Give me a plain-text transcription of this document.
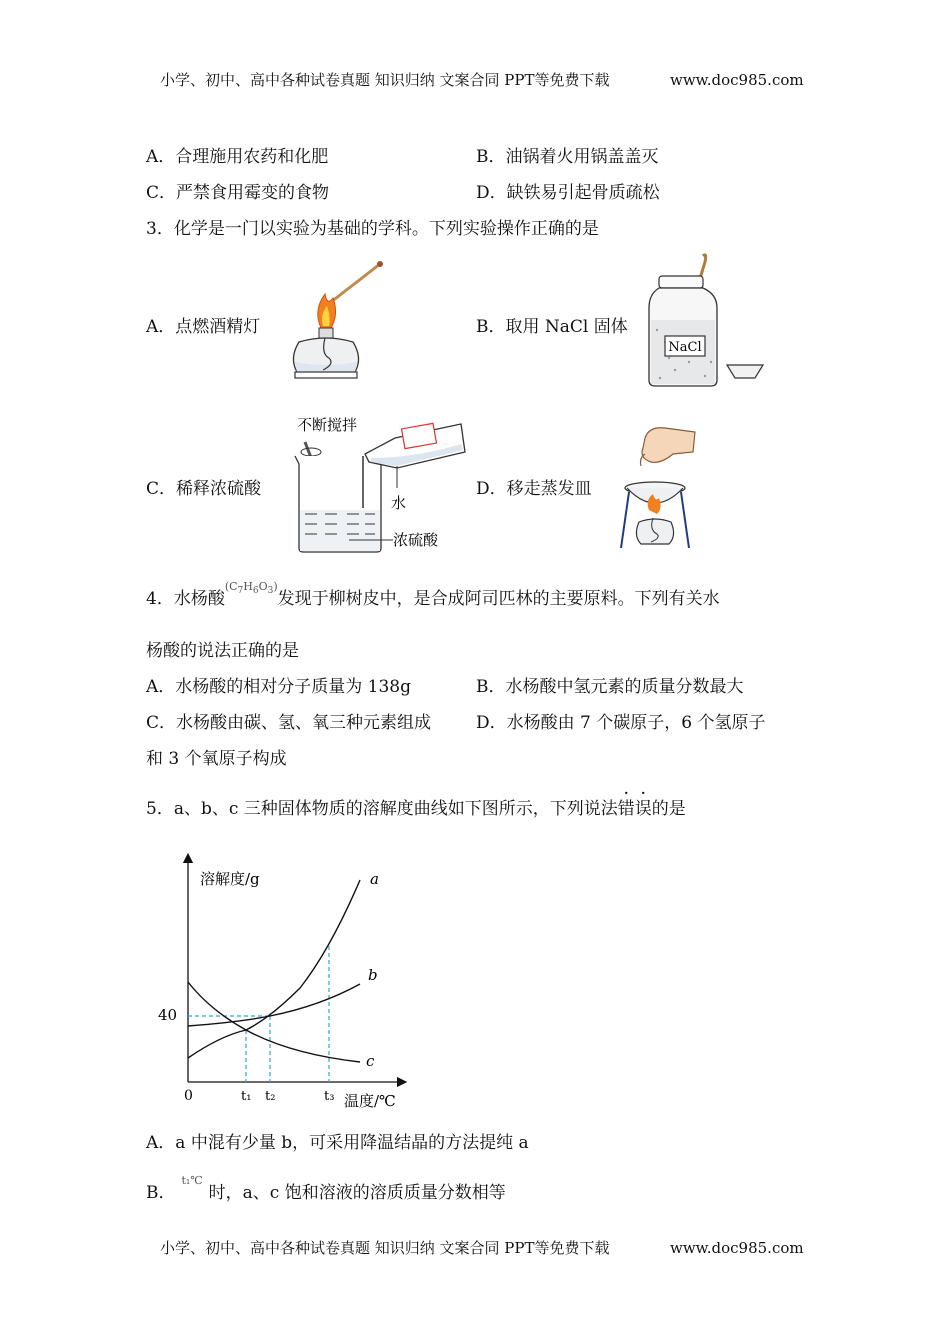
小学、初中、高中各种试卷真题 知识归纳 文案合同 PPT等免费下载	www.doc985.com
A．合理施用农药和化肥	B．油锅着火用锅盖盖灭
C．严禁食用霉变的食物	D．缺铁易引起骨质疏松
3．化学是一门以实验为基础的学科。下列实验操作正确的是
A．点燃酒精灯	B．取用 NaCl 固体
C．稀释浓硫酸	D．移走蒸发皿
NaCl
不断搅拌
浓硫酸
水
4．水杨酸$^{(C_7H_6O_3)}$发现于柳树皮中，是合成阿司匹林的主要原料。下列有关水
杨酸的说法正确的是
A．水杨酸的相对分子质量为 138g	B．水杨酸中氢元素的质量分数最大
C．水杨酸由碳、氢、氧三种元素组成	D．水杨酸由 7 个碳原子，6 个氢原子
和 3 个氧原子构成
5．a、b、c 三种固体物质的溶解度曲线如下图所示，下列说法错误的是
溶解度/g
温度/℃
0
40
a
b
c
t₁ t₂	t₃
A．a 中混有少量 b，可采用降温结晶的方法提纯 a
B．$^{t_1℃}$时，a、c 饱和溶液的溶质质量分数相等
小学、初中、高中各种试卷真题 知识归纳 文案合同 PPT等免费下载	www.doc985.com
